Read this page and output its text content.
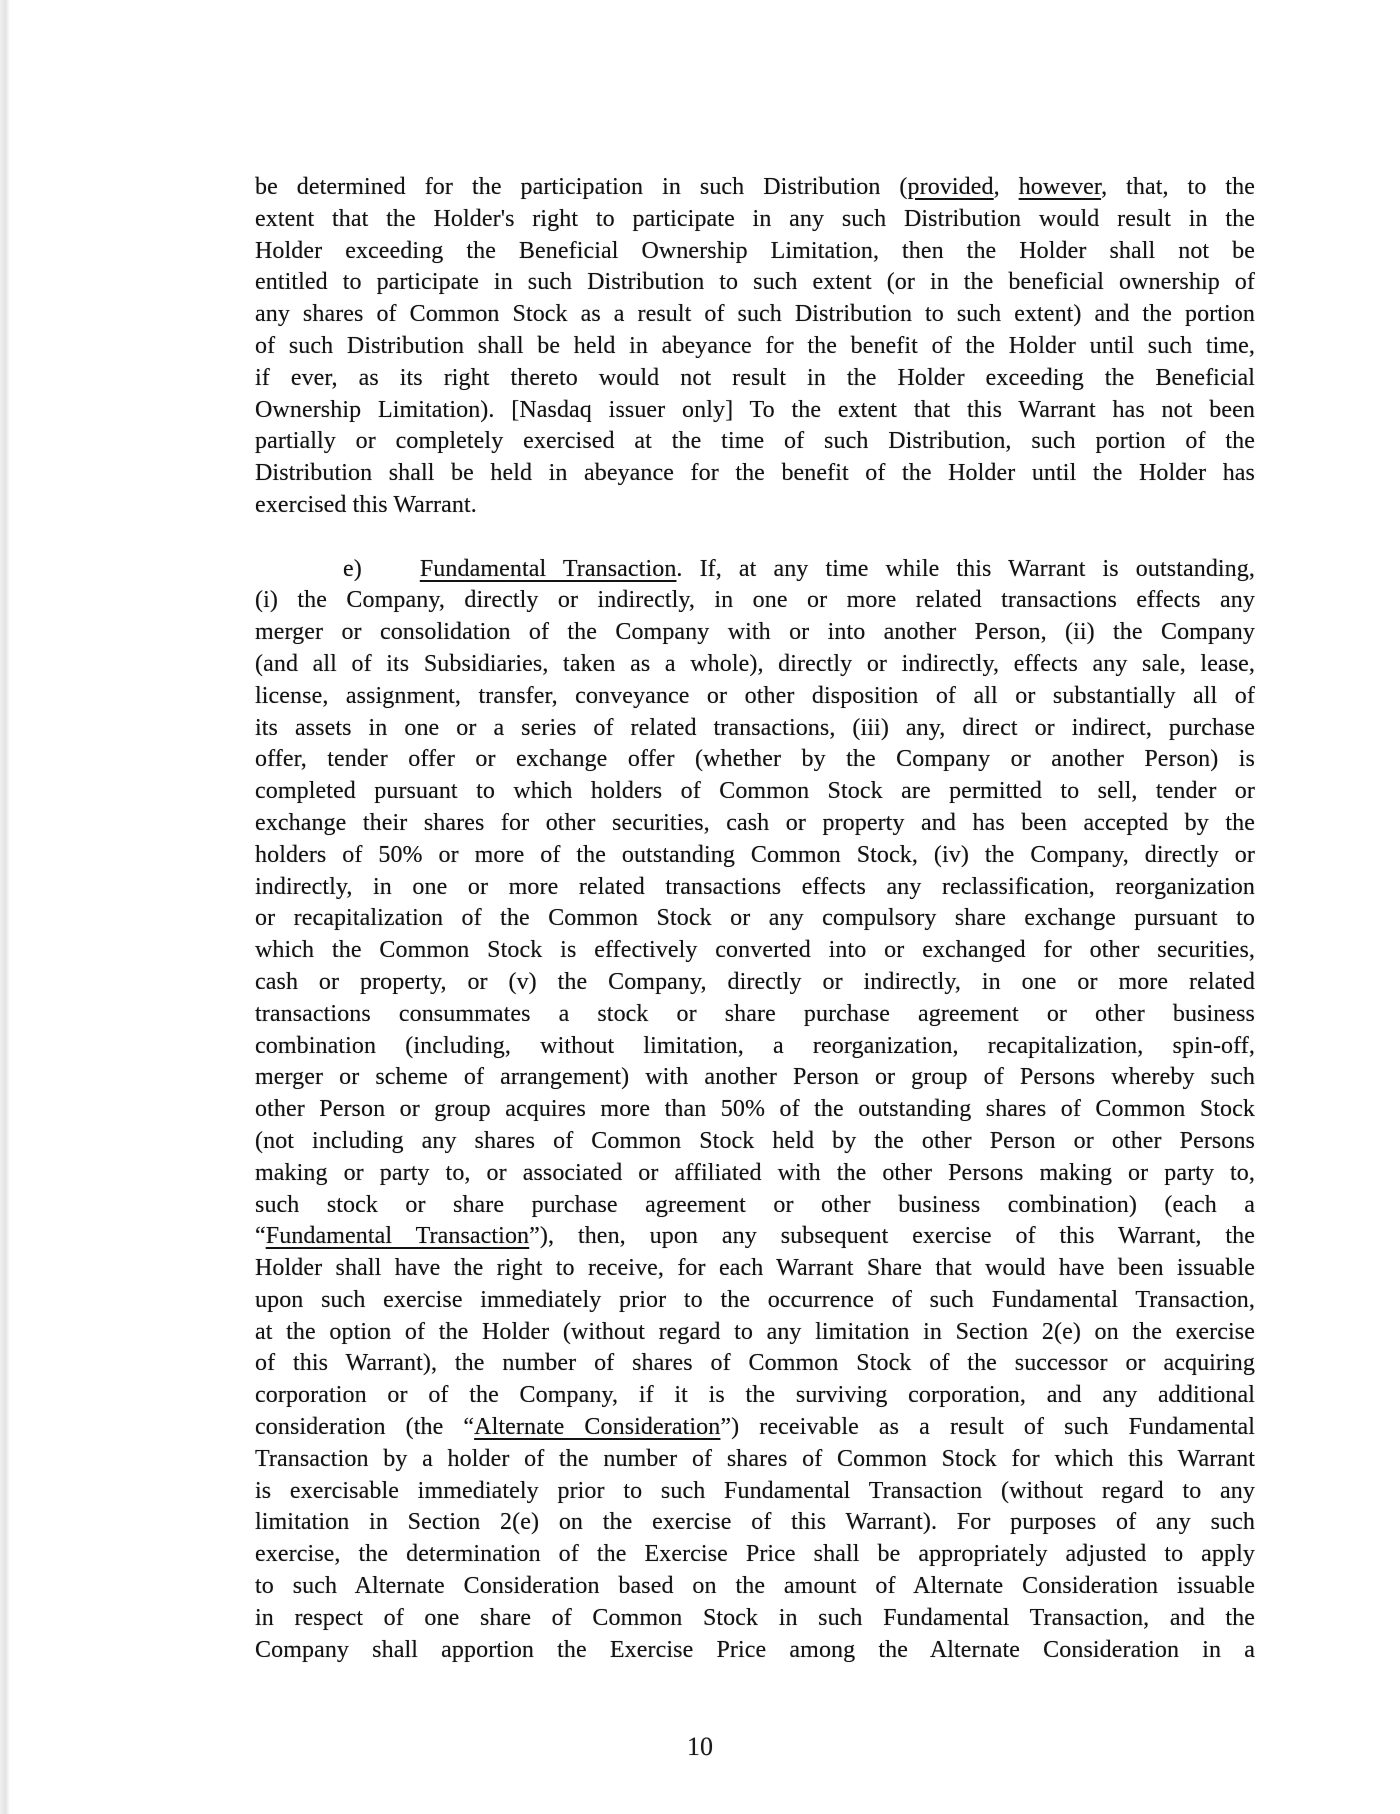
be determined for the participation in such Distribution (provided, however, that, to the
extent that the Holder's right to participate in any such Distribution would result in the
Holder exceeding the Beneficial Ownership Limitation, then the Holder shall not be
entitled to participate in such Distribution to such extent (or in the beneficial ownership of
any shares of Common Stock as a result of such Distribution to such extent) and the portion
of such Distribution shall be held in abeyance for the benefit of the Holder until such time,
if ever, as its right thereto would not result in the Holder exceeding the Beneficial
Ownership Limitation). [Nasdaq issuer only] To the extent that this Warrant has not been
partially or completely exercised at the time of such Distribution, such portion of the
Distribution shall be held in abeyance for the benefit of the Holder until the Holder has
exercised this Warrant.
e) Fundamental Transaction. If, at any time while this Warrant is outstanding,
(i) the Company, directly or indirectly, in one or more related transactions effects any
merger or consolidation of the Company with or into another Person, (ii) the Company
(and all of its Subsidiaries, taken as a whole), directly or indirectly, effects any sale, lease,
license, assignment, transfer, conveyance or other disposition of all or substantially all of
its assets in one or a series of related transactions, (iii) any, direct or indirect, purchase
offer, tender offer or exchange offer (whether by the Company or another Person) is
completed pursuant to which holders of Common Stock are permitted to sell, tender or
exchange their shares for other securities, cash or property and has been accepted by the
holders of 50% or more of the outstanding Common Stock, (iv) the Company, directly or
indirectly, in one or more related transactions effects any reclassification, reorganization
or recapitalization of the Common Stock or any compulsory share exchange pursuant to
which the Common Stock is effectively converted into or exchanged for other securities,
cash or property, or (v) the Company, directly or indirectly, in one or more related
transactions consummates a stock or share purchase agreement or other business
combination (including, without limitation, a reorganization, recapitalization, spin-off,
merger or scheme of arrangement) with another Person or group of Persons whereby such
other Person or group acquires more than 50% of the outstanding shares of Common Stock
(not including any shares of Common Stock held by the other Person or other Persons
making or party to, or associated or affiliated with the other Persons making or party to,
such stock or share purchase agreement or other business combination) (each a
“Fundamental Transaction”), then, upon any subsequent exercise of this Warrant, the
Holder shall have the right to receive, for each Warrant Share that would have been issuable
upon such exercise immediately prior to the occurrence of such Fundamental Transaction,
at the option of the Holder (without regard to any limitation in Section 2(e) on the exercise
of this Warrant), the number of shares of Common Stock of the successor or acquiring
corporation or of the Company, if it is the surviving corporation, and any additional
consideration (the “Alternate Consideration”) receivable as a result of such Fundamental
Transaction by a holder of the number of shares of Common Stock for which this Warrant
is exercisable immediately prior to such Fundamental Transaction (without regard to any
limitation in Section 2(e) on the exercise of this Warrant). For purposes of any such
exercise, the determination of the Exercise Price shall be appropriately adjusted to apply
to such Alternate Consideration based on the amount of Alternate Consideration issuable
in respect of one share of Common Stock in such Fundamental Transaction, and the
Company shall apportion the Exercise Price among the Alternate Consideration in a
10
